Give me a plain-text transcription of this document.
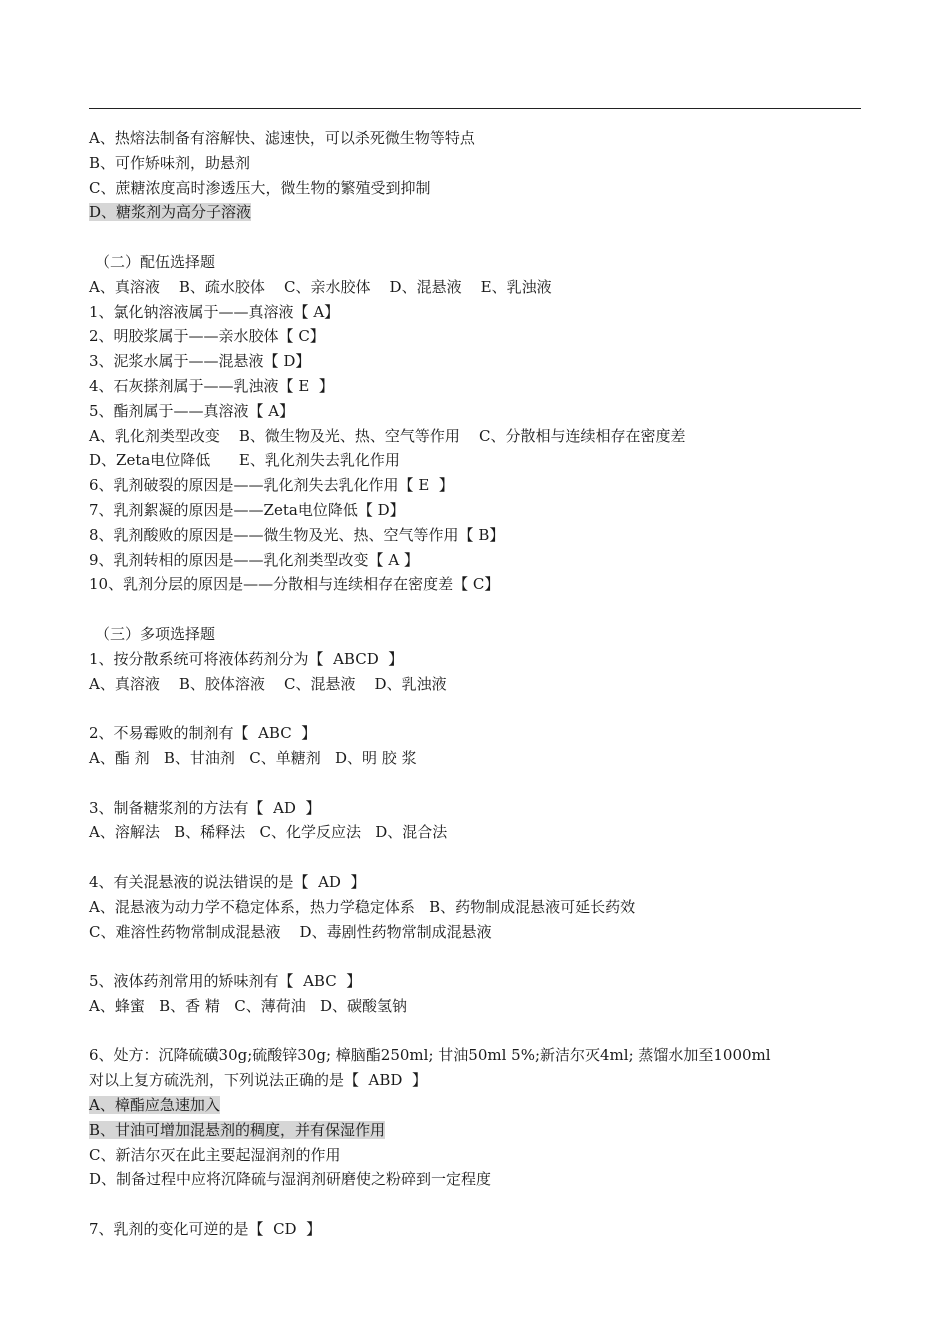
A、热熔法制备有溶解快、滤速快，可以杀死微生物等特点
B、可作矫味剂，助悬剂
C、蔗糖浓度高时渗透压大，微生物的繁殖受到抑制
D、糖浆剂为高分子溶液
（二）配伍选择题
A、真溶液    B、疏水胶体    C、亲水胶体    D、混悬液    E、乳浊液
1、氯化钠溶液属于——真溶液【 A】
2、明胶浆属于——亲水胶体【 C】
3、泥浆水属于——混悬液【 D】
4、石灰搽剂属于——乳浊液【 E  】
5、酯剂属于——真溶液【 A】
A、乳化剂类型改变    B、微生物及光、热、空气等作用    C、分散相与连续相存在密度差
D、Zeta电位降低      E、乳化剂失去乳化作用
6、乳剂破裂的原因是——乳化剂失去乳化作用【 E  】
7、乳剂絮凝的原因是——Zeta电位降低【 D】
8、乳剂酸败的原因是——微生物及光、热、空气等作用【 B】
9、乳剂转相的原因是——乳化剂类型改变【 A 】
10、乳剂分层的原因是——分散相与连续相存在密度差【 C】
（三）多项选择题
1、按分散系统可将液体药剂分为【  ABCD  】
A、真溶液    B、胶体溶液    C、混悬液    D、乳浊液
2、不易霉败的制剂有【  ABC  】
A、酯 剂   B、甘油剂   C、单糖剂   D、明 胶 浆
3、制备糖浆剂的方法有【  AD  】
A、溶解法   B、稀释法   C、化学反应法   D、混合法
4、有关混悬液的说法错误的是【  AD  】
A、混悬液为动力学不稳定体系，热力学稳定体系   B、药物制成混悬液可延长药效
C、难溶性药物常制成混悬液    D、毒剧性药物常制成混悬液
5、液体药剂常用的矫味剂有【  ABC  】
A、蜂蜜   B、香 精   C、薄荷油   D、碳酸氢钠
6、处方：沉降硫磺30g;硫酸锌30g; 樟脑酯250ml; 甘油50ml 5%;新洁尔灭4ml; 蒸馏水加至1000ml
对以上复方硫洗剂，下列说法正确的是【  ABD  】
A、樟酯应急速加入
B、甘油可增加混悬剂的稠度，并有保湿作用
C、新洁尔灭在此主要起湿润剂的作用
D、制备过程中应将沉降硫与湿润剂研磨使之粉碎到一定程度
7、乳剂的变化可逆的是【  CD  】
